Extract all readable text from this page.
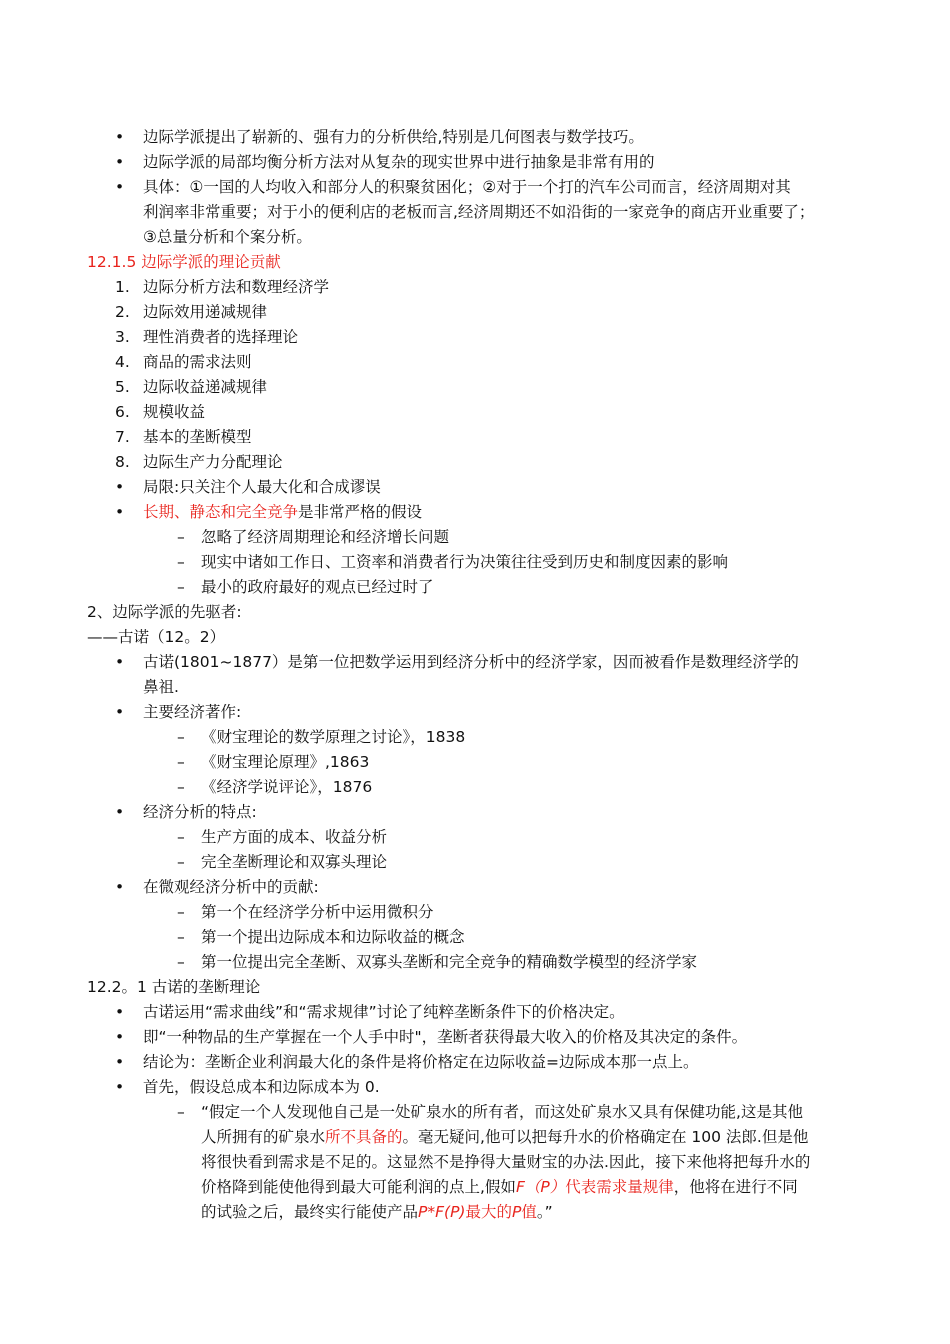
• 边际学派提出了崭新的、强有力的分析供给,特别是几何图表与数学技巧。
• 边际学派的局部均衡分析方法对从复杂的现实世界中进行抽象是非常有用的
• 具体：①一国的人均收入和部分人的积聚贫困化；②对于一个打的汽车公司而言，经济周期对其
利润率非常重要；对于小的便利店的老板而言,经济周期还不如沿街的一家竞争的商店开业重要了；
③总量分析和个案分析。
12.1.5 边际学派的理论贡献
1. 边际分析方法和数理经济学
2. 边际效用递减规律
3. 理性消费者的选择理论
4. 商品的需求法则
5. 边际收益递减规律
6. 规模收益
7. 基本的垄断模型
8. 边际生产力分配理论
• 局限:只关注个人最大化和合成谬误
• 长期、静态和完全竞争是非常严格的假设
– 忽略了经济周期理论和经济增长问题
– 现实中诸如工作日、工资率和消费者行为决策往往受到历史和制度因素的影响
– 最小的政府最好的观点已经过时了
2、边际学派的先驱者:
——古诺（12。2）
• 古诺(1801~1877）是第一位把数学运用到经济分析中的经济学家，因而被看作是数理经济学的
鼻祖.
• 主要经济著作:
– 《财宝理论的数学原理之讨论》，1838
– 《财宝理论原理》,1863
– 《经济学说评论》，1876
• 经济分析的特点:
– 生产方面的成本、收益分析
– 完全垄断理论和双寡头理论
• 在微观经济分析中的贡献:
– 第一个在经济学分析中运用微积分
– 第一个提出边际成本和边际收益的概念
– 第一位提出完全垄断、双寡头垄断和完全竞争的精确数学模型的经济学家
12.2。1 古诺的垄断理论
• 古诺运用“需求曲线”和“需求规律”讨论了纯粹垄断条件下的价格决定。
• 即“一种物品的生产掌握在一个人手中时"，垄断者获得最大收入的价格及其决定的条件。
• 结论为：垄断企业利润最大化的条件是将价格定在边际收益=边际成本那一点上。
• 首先，假设总成本和边际成本为 0.
– “假定一个人发现他自己是一处矿泉水的所有者，而这处矿泉水又具有保健功能,这是其他
人所拥有的矿泉水所不具备的。毫无疑问,他可以把每升水的价格确定在 100 法郎.但是他
将很快看到需求是不足的。这显然不是挣得大量财宝的办法.因此，接下来他将把每升水的
价格降到能使他得到最大可能利润的点上,假如F（P）代表需求量规律，他将在进行不同
的试验之后，最终实行能使产品P*F(P)最大的P值。”
